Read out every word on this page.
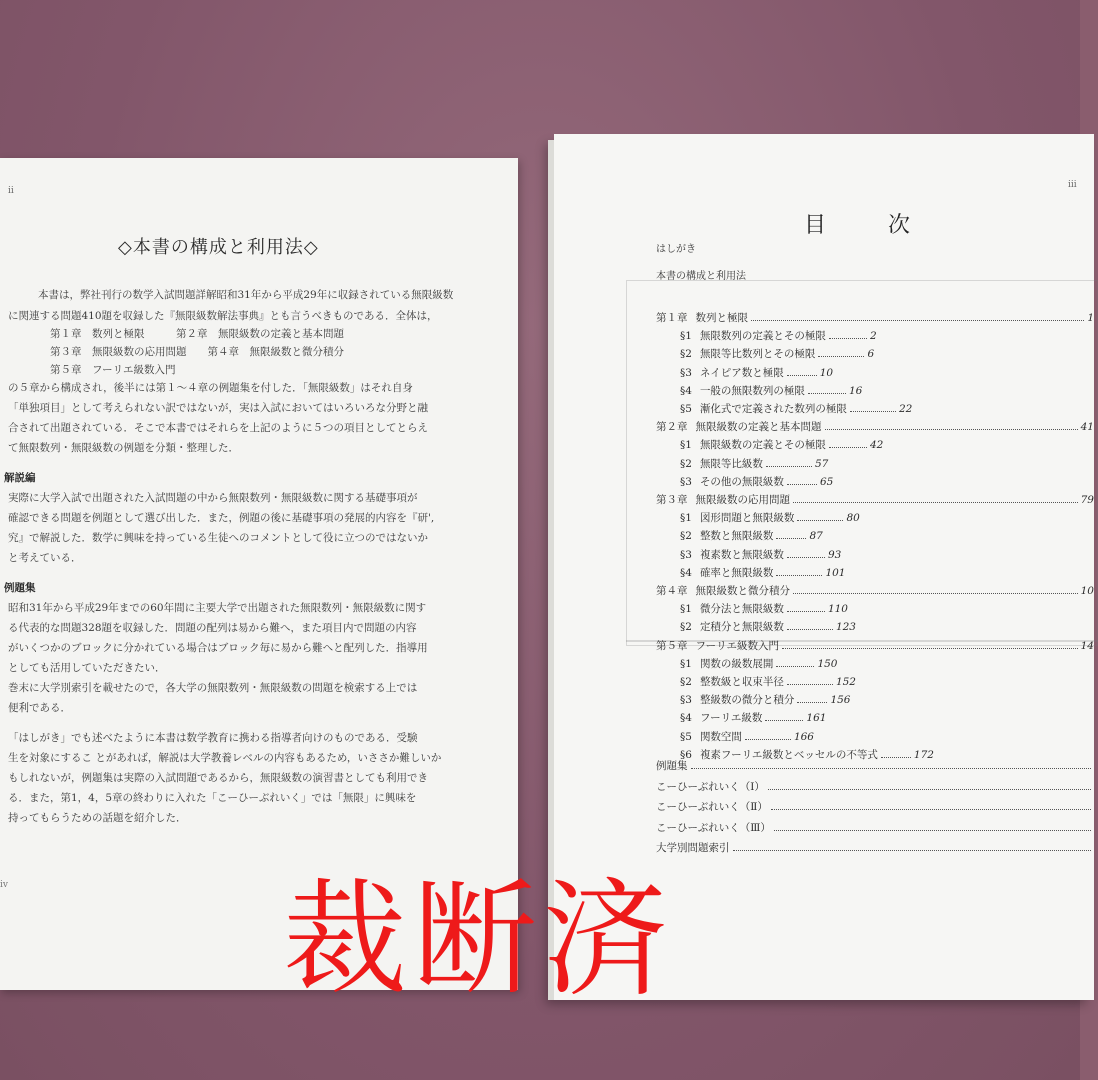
ii
◇本書の構成と利用法◇
本書は，弊社刊行の数学入試問題詳解昭和31年から平成29年に収録されている無限級数
に関連する問題410題を収録した『無限級数解法事典』とも言うべきものである．全体は，
第１章　数列と極限　　　第２章　無限級数の定義と基本問題
第３章　無限級数の応用問題　　第４章　無限級数と微分積分
第５章　フーリエ級数入門
の５章から構成され，後半には第１～４章の例題集を付した．「無限級数」はそれ自身
「単独項目」として考えられない訳ではないが，実は入試においてはいろいろな分野と融
合されて出題されている．そこで本書ではそれらを上記のように５つの項目としてとらえ
て無限数列・無限級数の例題を分類・整理した．
解説編
実際に大学入試で出題された入試問題の中から無限数列・無限級数に関する基礎事項が
確認できる問題を例題として選び出した．また，例題の後に基礎事項の発展的内容を『研',
究』で解説した．数学に興味を持っている生徒へのコメントとして役に立つのではないか
と考えている．
例題集
昭和31年から平成29年までの60年間に主要大学で出題された無限数列・無限級数に関す
る代表的な問題328題を収録した．問題の配列は易から難へ，また項目内で問題の内容
がいくつかのブロックに分かれている場合はブロック毎に易から難へと配列した．指導用
としても活用していただきたい．
巻末に大学別索引を載せたので，各大学の無限数列・無限級数の問題を検索する上では
便利である．
「はしがき」でも述べたように本書は数学教育に携わる指導者向けのものである．受験
生を対象にするこ とがあれば，解説は大学教養レベルの内容もあるため，いささか難しいか
もしれないが，例題集は実際の入試問題であるから，無限級数の演習書としても利用でき
る．また，第1，4，5章の終わりに入れた「こーひーぶれいく」では「無限」に興味を
持ってもらうための話題を紹介した．
iv
iii
目次
はしがき
本書の構成と利用法
第１章 数列と極限	1
§1 無限数列の定義とその極限	2
§2 無限等比数列とその極限	6
§3 ネイピア数と極限	10
§4 一般の無限数列の極限	16
§5 漸化式で定義された数列の極限	22
第２章 無限級数の定義と基本問題	41
§1 無限級数の定義とその極限	42
§2 無限等比級数	57
§3 その他の無限級数	65
第３章 無限級数の応用問題	79
§1 図形問題と無限級数	80
§2 整数と無限級数	87
§3 複素数と無限級数	93
§4 確率と無限級数	101
第４章 無限級数と微分積分	10
§1 微分法と無限級数	110
§2 定積分と無限級数	123
第５章 フーリエ級数入門	14
§1 関数の級数展開	150
§2 整数級と収束半径	152
§3 整級数の微分と積分	156
§4 フーリエ級数	161
§5 関数空間	166
§6 複素フーリエ級数とベッセルの不等式	172
例題集
こーひーぶれいく（Ⅰ）
こーひーぶれいく（Ⅱ）
こーひーぶれいく（Ⅲ）
大学別問題索引
裁断済
